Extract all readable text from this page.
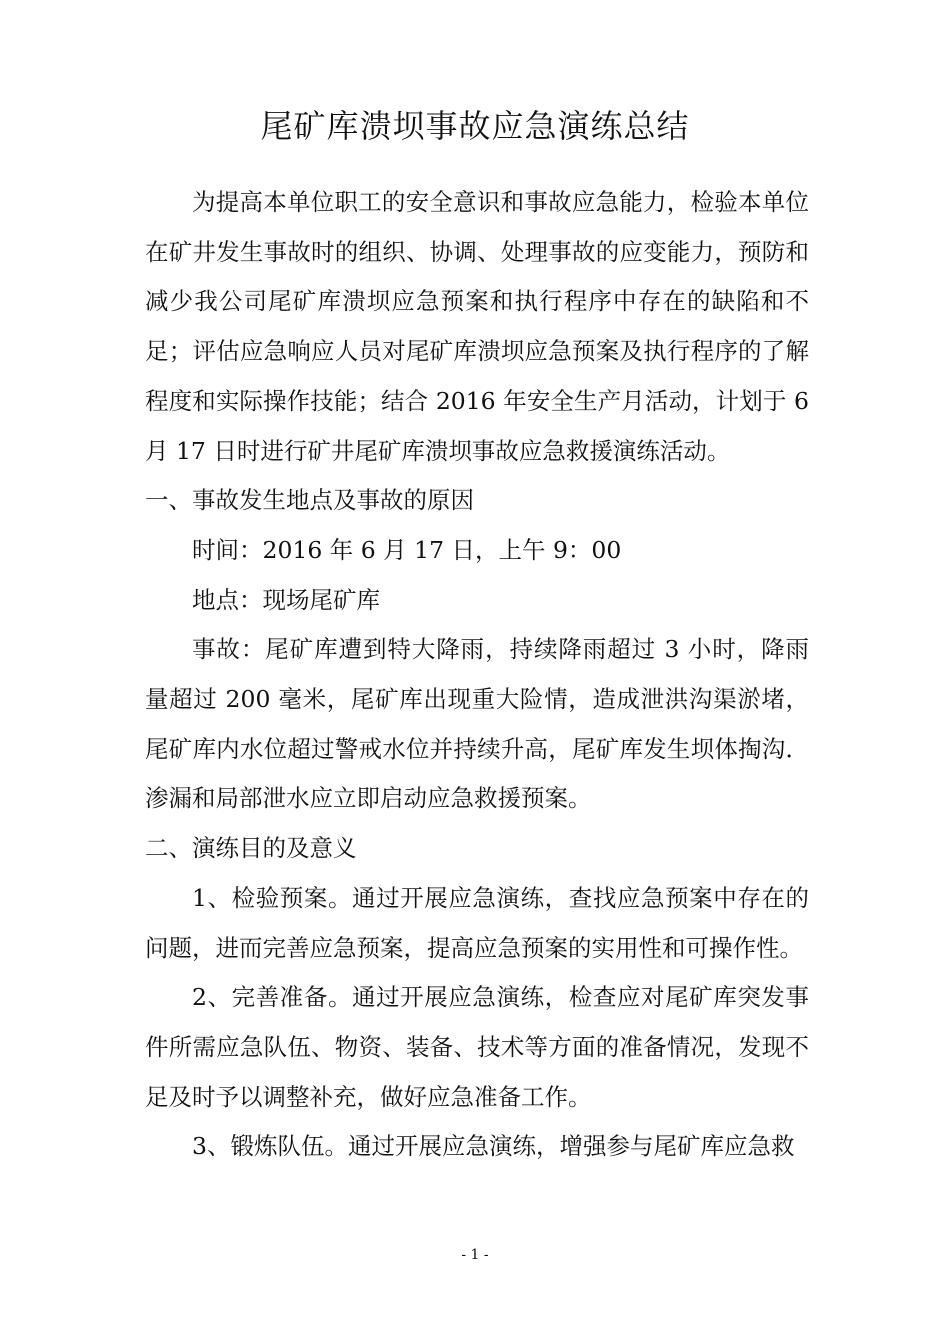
尾矿库溃坝事故应急演练总结

为提高本单位职工的安全意识和事故应急能力，检验本单位在矿井发生事故时的组织、协调、处理事故的应变能力，预防和减少我公司尾矿库溃坝应急预案和执行程序中存在的缺陷和不足；评估应急响应人员对尾矿库溃坝应急预案及执行程序的了解程度和实际操作技能；结合 2016 年安全生产月活动，计划于 6 月 17 日时进行矿井尾矿库溃坝事故应急救援演练活动。

一、事故发生地点及事故的原因

时间：2016 年 6 月 17 日，上午 9：00

地点：现场尾矿库

事故：尾矿库遭到特大降雨，持续降雨超过 3 小时，降雨量超过 200 毫米，尾矿库出现重大险情，造成泄洪沟渠淤堵，尾矿库内水位超过警戒水位并持续升高，尾矿库发生坝体掏沟．渗漏和局部泄水应立即启动应急救援预案。

二、演练目的及意义

1、检验预案。通过开展应急演练，查找应急预案中存在的问题，进而完善应急预案，提高应急预案的实用性和可操作性。

2、完善准备。通过开展应急演练，检查应对尾矿库突发事件所需应急队伍、物资、装备、技术等方面的准备情况，发现不足及时予以调整补充，做好应急准备工作。

3、锻炼队伍。通过开展应急演练，增强参与尾矿库应急救

- 1 -
